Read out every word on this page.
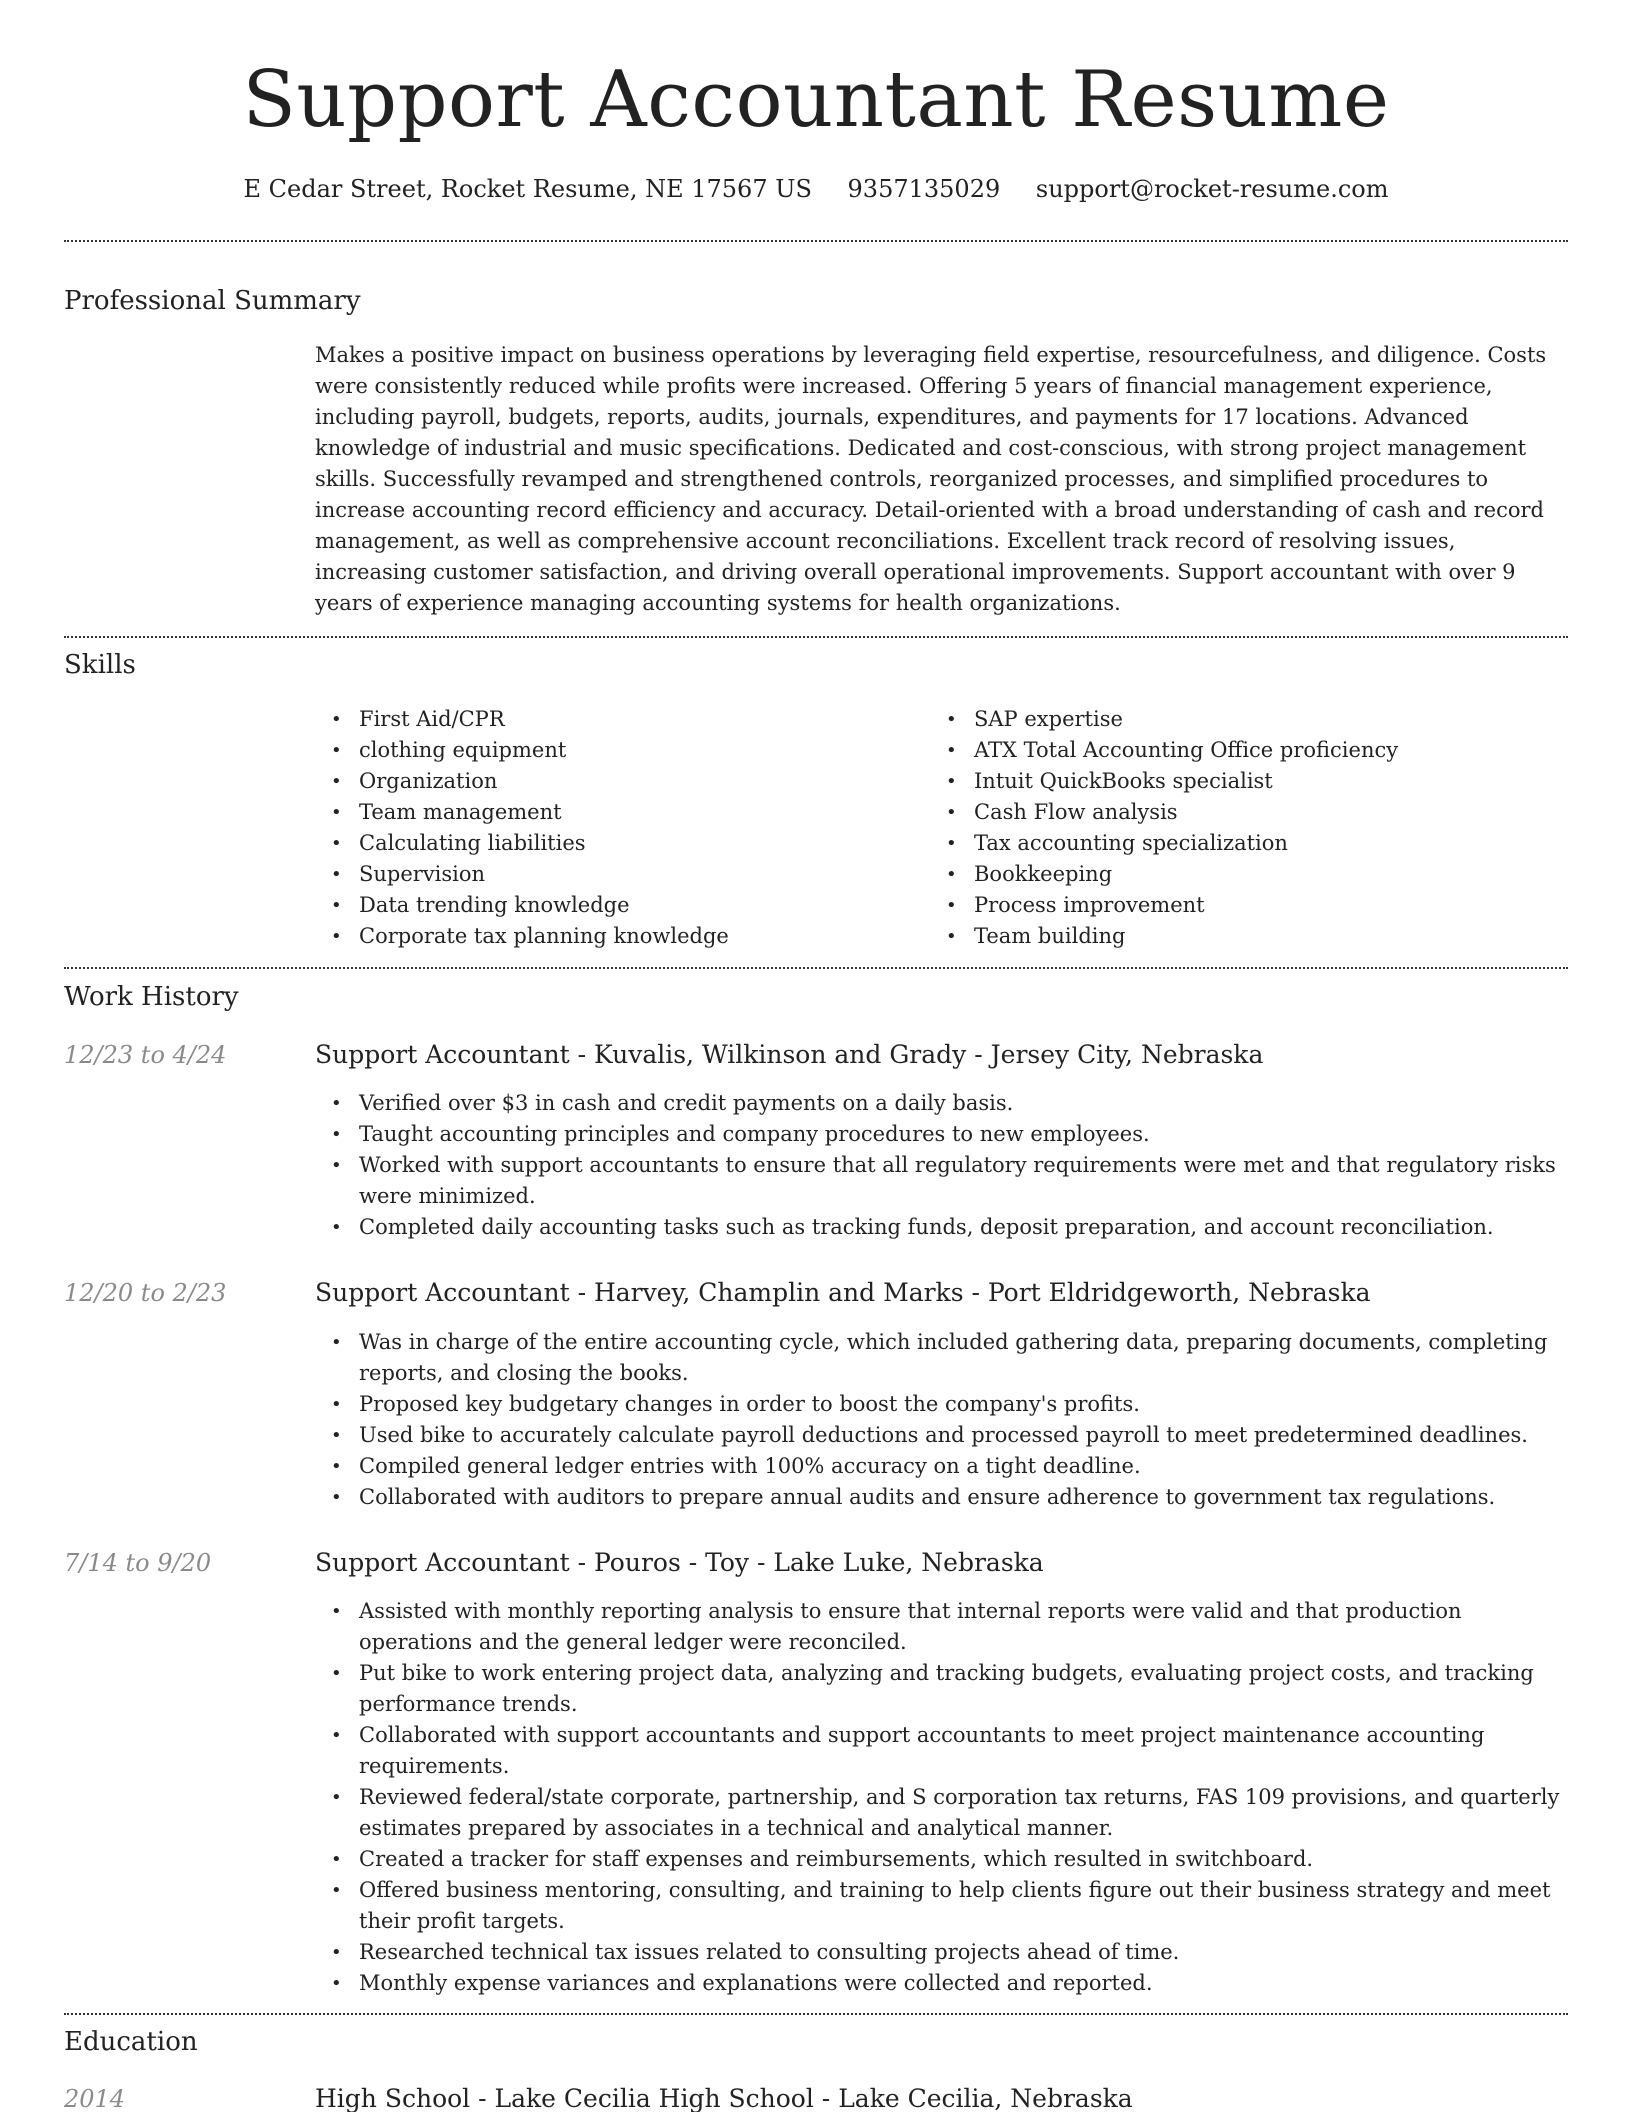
Support Accountant Resume
E Cedar Street, Rocket Resume, NE 17567 US 9357135029 support@rocket-resume.com
Professional Summary

Makes a positive impact on business operations by leveraging field expertise, resourcefulness, and diligence. Costs were consistently reduced while profits were increased. Offering 5 years of financial management experience, including payroll, budgets, reports, audits, journals, expenditures, and payments for 17 locations. Advanced knowledge of industrial and music specifications. Dedicated and cost-conscious, with strong project management skills. Successfully revamped and strengthened controls, reorganized processes, and simplified procedures to increase accounting record efficiency and accuracy. Detail-oriented with a broad understanding of cash and record management, as well as comprehensive account reconciliations. Excellent track record of resolving issues, increasing customer satisfaction, and driving overall operational improvements. Support accountant with over 9 years of experience managing accounting systems for health organizations.

Skills
• First Aid/CPR
• clothing equipment
• Organization
• Team management
• Calculating liabilities
• Supervision
• Data trending knowledge
• Corporate tax planning knowledge
• SAP expertise
• ATX Total Accounting Office proficiency
• Intuit QuickBooks specialist
• Cash Flow analysis
• Tax accounting specialization
• Bookkeeping
• Process improvement
• Team building
Work History
12/23 to 4/24	Support Accountant - Kuvalis, Wilkinson and Grady - Jersey City, Nebraska
• Verified over $3 in cash and credit payments on a daily basis.
• Taught accounting principles and company procedures to new employees.
• Worked with support accountants to ensure that all regulatory requirements were met and that regulatory risks were minimized.
• Completed daily accounting tasks such as tracking funds, deposit preparation, and account reconciliation.
12/20 to 2/23	Support Accountant - Harvey, Champlin and Marks - Port Eldridgeworth, Nebraska
• Was in charge of the entire accounting cycle, which included gathering data, preparing documents, completing reports, and closing the books.
• Proposed key budgetary changes in order to boost the company's profits.
• Used bike to accurately calculate payroll deductions and processed payroll to meet predetermined deadlines.
• Compiled general ledger entries with 100% accuracy on a tight deadline.
• Collaborated with auditors to prepare annual audits and ensure adherence to government tax regulations.
7/14 to 9/20	Support Accountant - Pouros - Toy - Lake Luke, Nebraska
• Assisted with monthly reporting analysis to ensure that internal reports were valid and that production operations and the general ledger were reconciled.
• Put bike to work entering project data, analyzing and tracking budgets, evaluating project costs, and tracking performance trends.
• Collaborated with support accountants and support accountants to meet project maintenance accounting requirements.
• Reviewed federal/state corporate, partnership, and S corporation tax returns, FAS 109 provisions, and quarterly estimates prepared by associates in a technical and analytical manner.
• Created a tracker for staff expenses and reimbursements, which resulted in switchboard.
• Offered business mentoring, consulting, and training to help clients figure out their business strategy and meet their profit targets.
• Researched technical tax issues related to consulting projects ahead of time.
• Monthly expense variances and explanations were collected and reported.
Education
2014	High School - Lake Cecilia High School - Lake Cecilia, Nebraska
